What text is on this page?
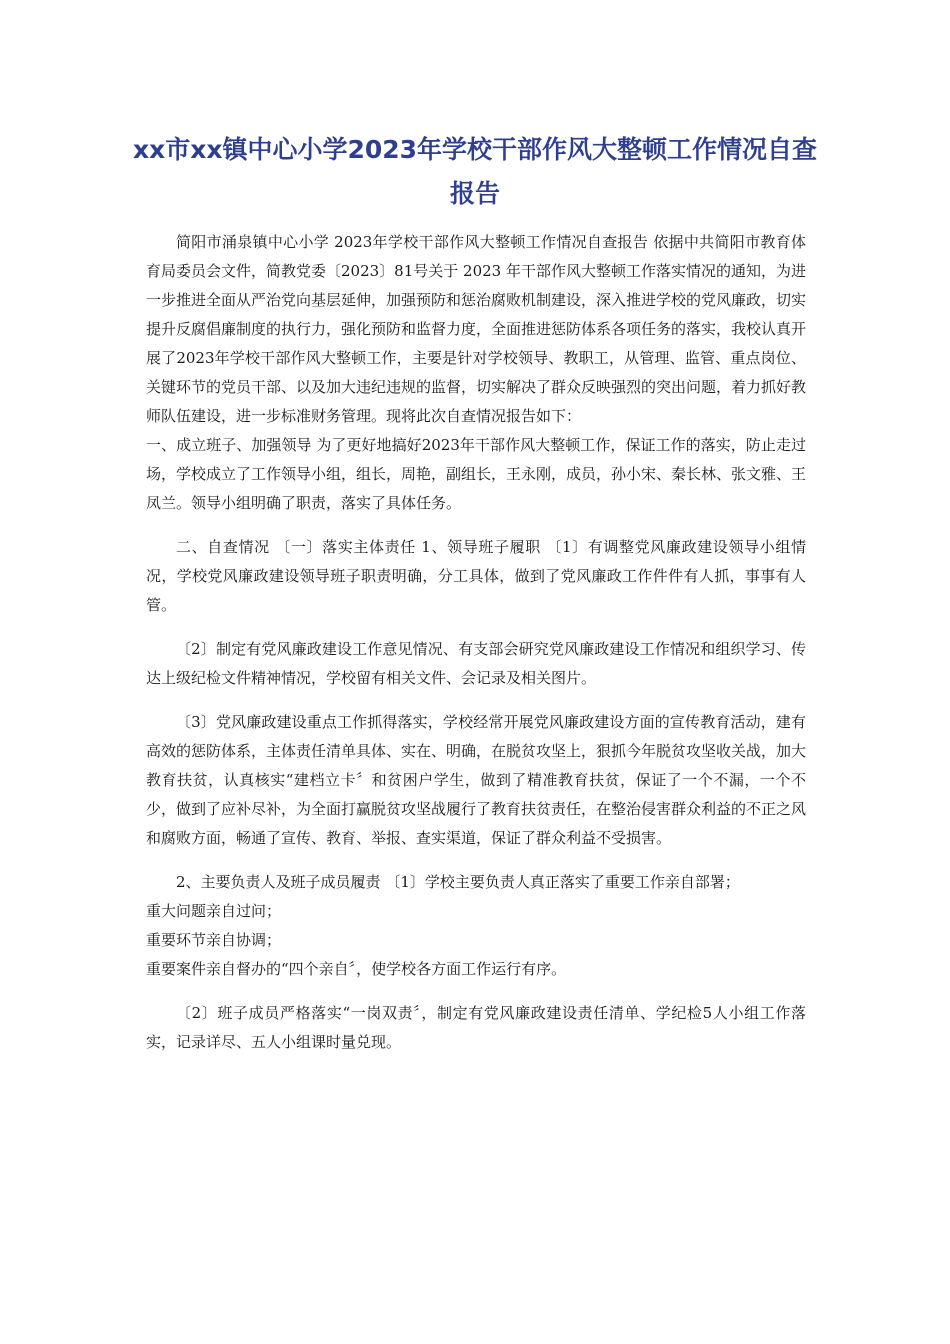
xx市xx镇中心小学2023年学校干部作风大整顿工作情况自查
报告

简阳市涌泉镇中心小学 2023年学校干部作风大整顿工作情况自查报告 依据中共简阳市教育体育局委员会文件，简教党委〔2023〕81号关于 2023 年干部作风大整顿工作落实情况的通知，为进一步推进全面从严治党向基层延伸，加强预防和惩治腐败机制建设，深入推进学校的党风廉政，切实提升反腐倡廉制度的执行力，强化预防和监督力度，全面推进惩防体系各项任务的落实，我校认真开展了2023年学校干部作风大整顿工作，主要是针对学校领导、教职工，从管理、监管、重点岗位、关键环节的党员干部、以及加大违纪违规的监督，切实解决了群众反映强烈的突出问题，着力抓好教师队伍建设，进一步标准财务管理。现将此次自查情况报告如下：

一、成立班子、加强领导 为了更好地搞好2023年干部作风大整顿工作，保证工作的落实，防止走过场，学校成立了工作领导小组，组长，周艳，副组长，王永刚，成员，孙小宋、秦长林、张文雅、王凤兰。领导小组明确了职责，落实了具体任务。

二、自查情况 〔一〕落实主体责任 1、领导班子履职 〔1〕有调整党风廉政建设领导小组情况，学校党风廉政建设领导班子职责明确，分工具体，做到了党风廉政工作件件有人抓，事事有人管。

〔2〕制定有党风廉政建设工作意见情况、有支部会研究党风廉政建设工作情况和组织学习、传达上级纪检文件精神情况，学校留有相关文件、会记录及相关图片。

〔3〕党风廉政建设重点工作抓得落实，学校经常开展党风廉政建设方面的宣传教育活动，建有高效的惩防体系，主体责任清单具体、实在、明确，在脱贫攻坚上，狠抓今年脱贫攻坚收关战，加大教育扶贫，认真核实“建档立卡〞和贫困户学生，做到了精准教育扶贫，保证了一个不漏，一个不少，做到了应补尽补，为全面打赢脱贫攻坚战履行了教育扶贫责任，在整治侵害群众利益的不正之风和腐败方面，畅通了宣传、教育、举报、查实渠道，保证了群众利益不受损害。

2、主要负责人及班子成员履责 〔1〕学校主要负责人真正落实了重要工作亲自部署；

重大问题亲自过问；

重要环节亲自协调；

重要案件亲自督办的“四个亲自〞，使学校各方面工作运行有序。

〔2〕班子成员严格落实“一岗双责〞，制定有党风廉政建设责任清单、学纪检5人小组工作落实，记录详尽、五人小组课时量兑现。
